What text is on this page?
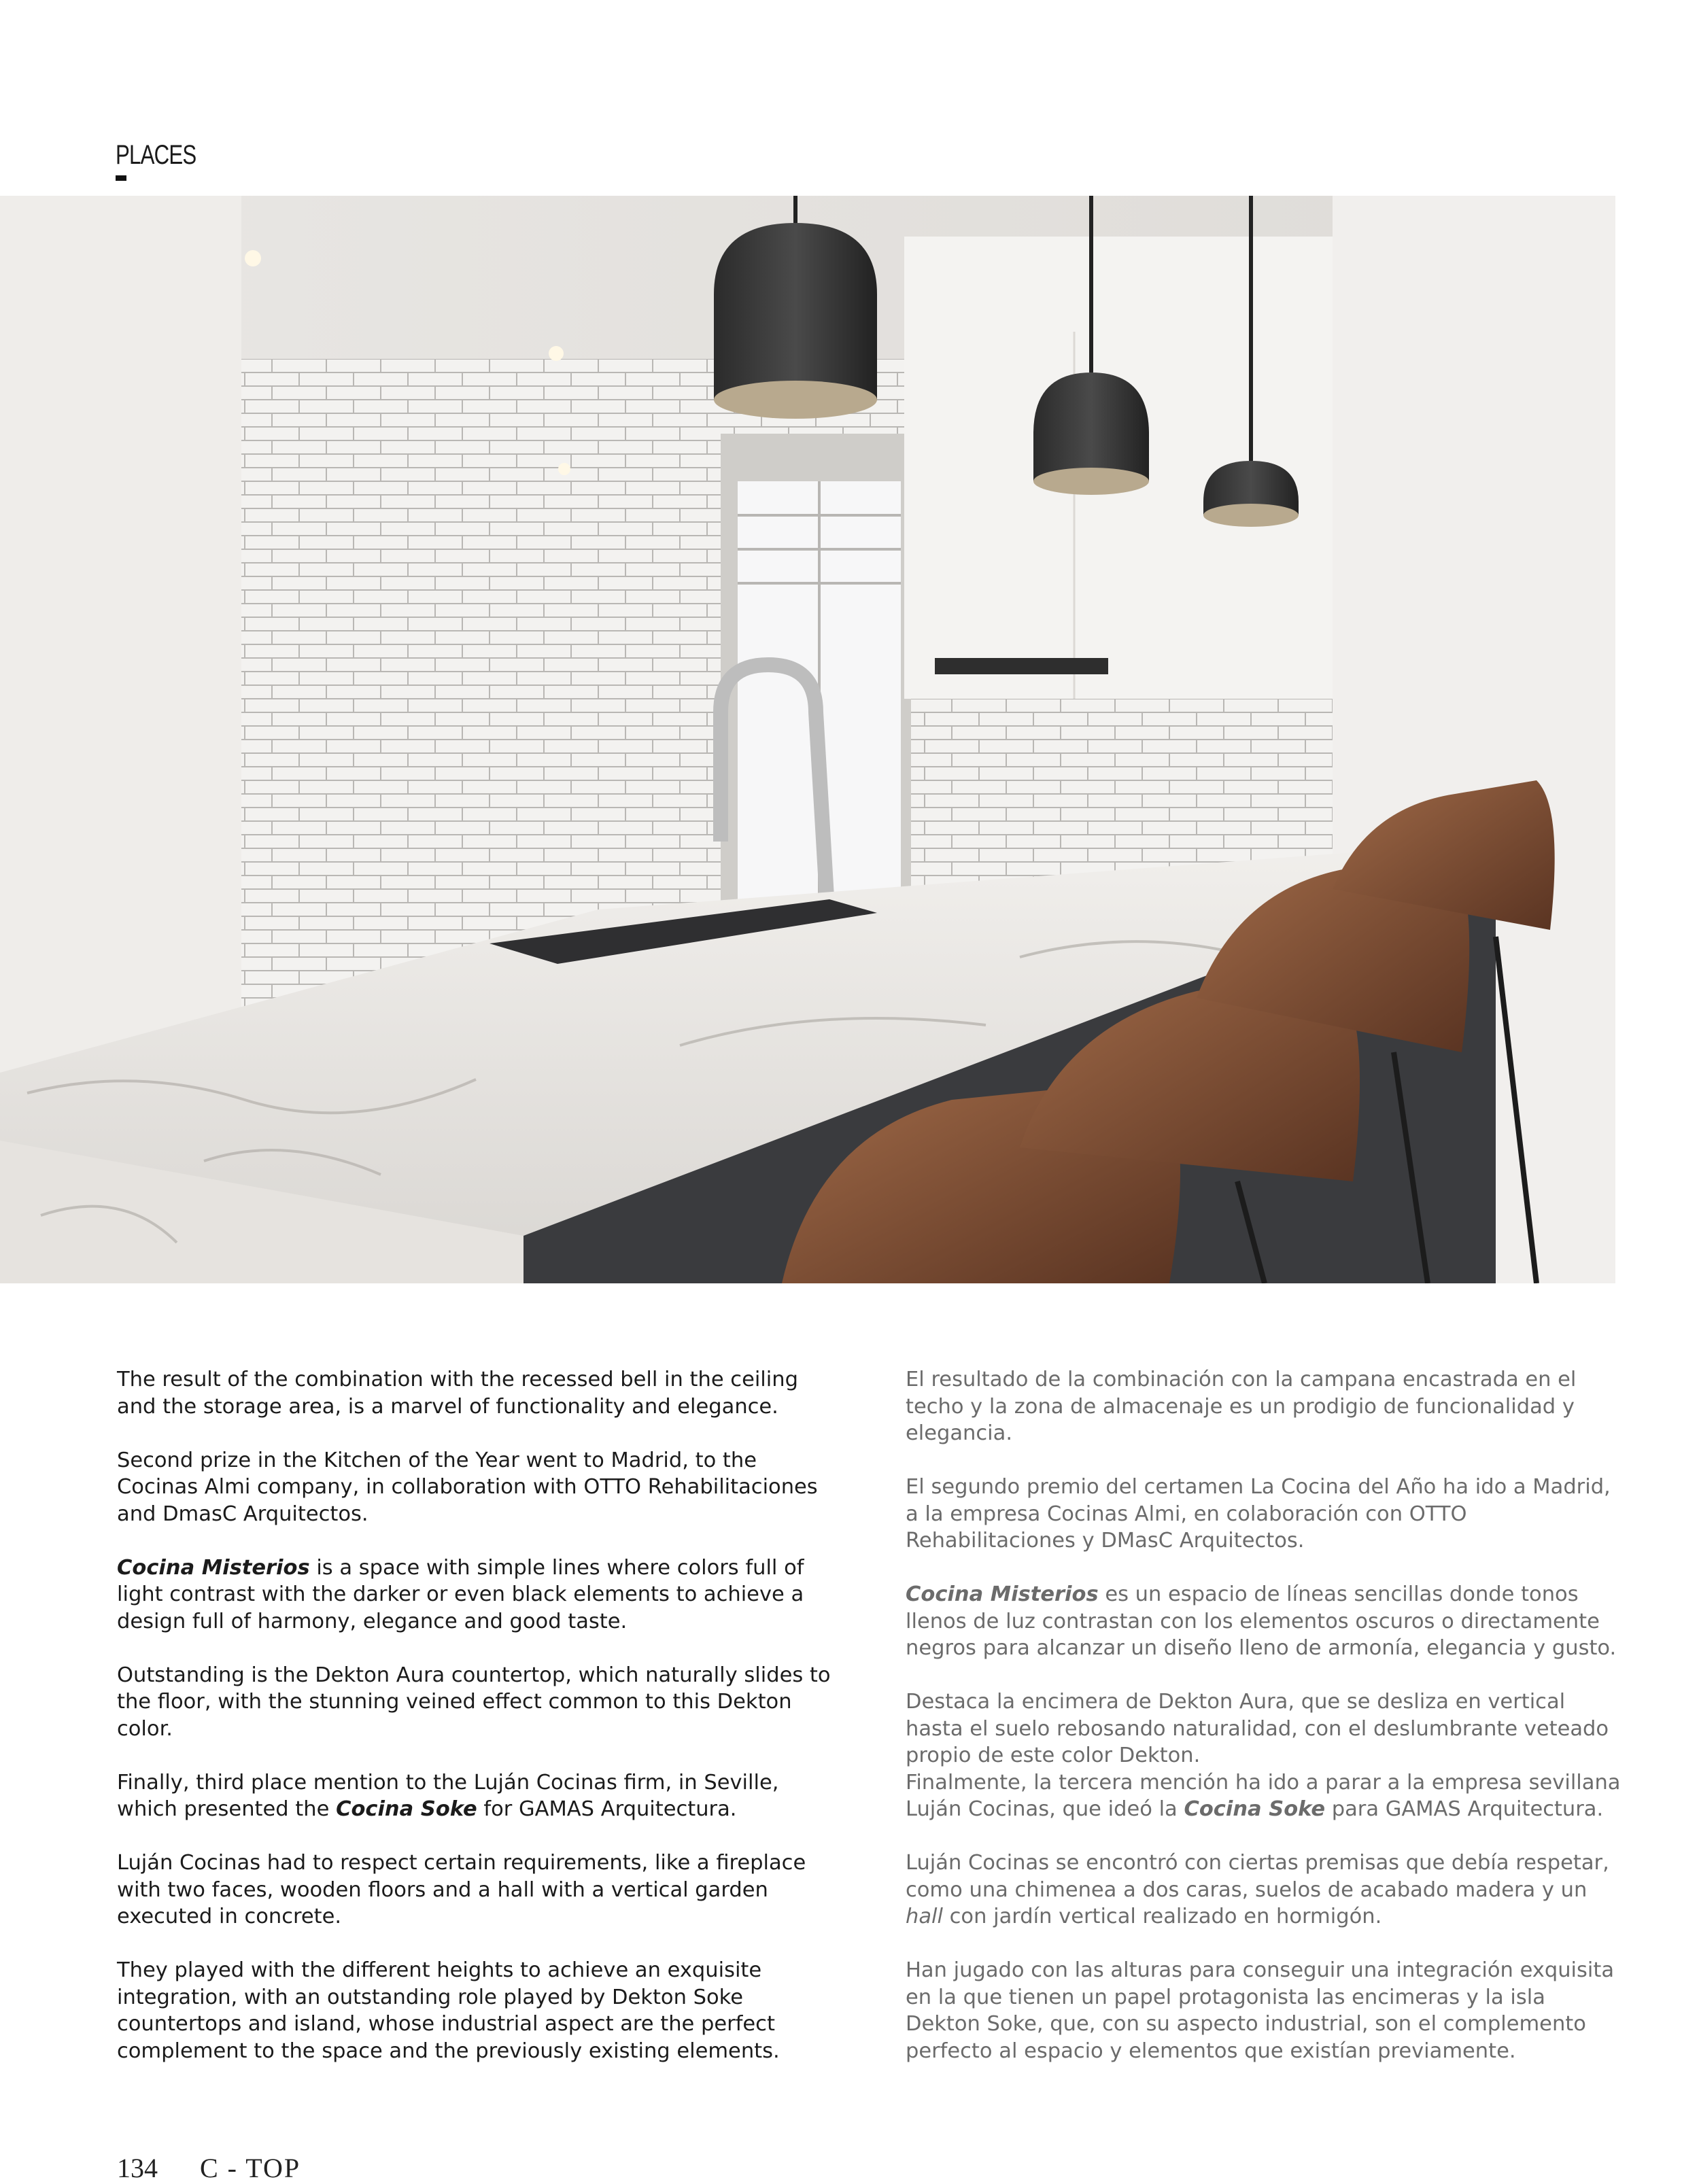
PLACES

The result of the combination with the recessed bell in the ceiling and the storage area, is a marvel of functionality and elegance.

Second prize in the Kitchen of the Year went to Madrid, to the Cocinas Almi company, in collaboration with OTTO Rehabilitaciones and DmasC Arquitectos.

Cocina Misterios is a space with simple lines where colors full of light contrast with the darker or even black elements to achieve a design full of harmony, elegance and good taste.

Outstanding is the Dekton Aura countertop, which naturally slides to the floor, with the stunning veined effect common to this Dekton color.

Finally, third place mention to the Luján Cocinas firm, in Seville, which presented the Cocina Soke for GAMAS Arquitectura.

Luján Cocinas had to respect certain requirements, like a fireplace with two faces, wooden floors and a hall with a vertical garden executed in concrete.

They played with the different heights to achieve an exquisite integration, with an outstanding role played by Dekton Soke countertops and island, whose industrial aspect are the perfect complement to the space and the previously existing elements.

El resultado de la combinación con la campana encastrada en el techo y la zona de almacenaje es un prodigio de funcionalidad y elegancia.

El segundo premio del certamen La Cocina del Año ha ido a Madrid, a la empresa Cocinas Almi, en colaboración con OTTO Rehabilitaciones y DMasC Arquitectos.

Cocina Misterios es un espacio de líneas sencillas donde tonos llenos de luz contrastan con los elementos oscuros o directamente negros para alcanzar un diseño lleno de armonía, elegancia y gusto.

Destaca la encimera de Dekton Aura, que se desliza en vertical hasta el suelo rebosando naturalidad, con el deslumbrante veteado propio de este color Dekton.

Finalmente, la tercera mención ha ido a parar a la empresa sevillana Luján Cocinas, que ideó la Cocina Soke para GAMAS Arquitectura.

Luján Cocinas se encontró con ciertas premisas que debía respetar, como una chimenea a dos caras, suelos de acabado madera y un hall con jardín vertical realizado en hormigón.

Han jugado con las alturas para conseguir una integración exquisita en la que tienen un papel protagonista las encimeras y la isla Dekton Soke, que, con su aspecto industrial, son el complemento perfecto al espacio y elementos que existían previamente.

134 C - TOP
